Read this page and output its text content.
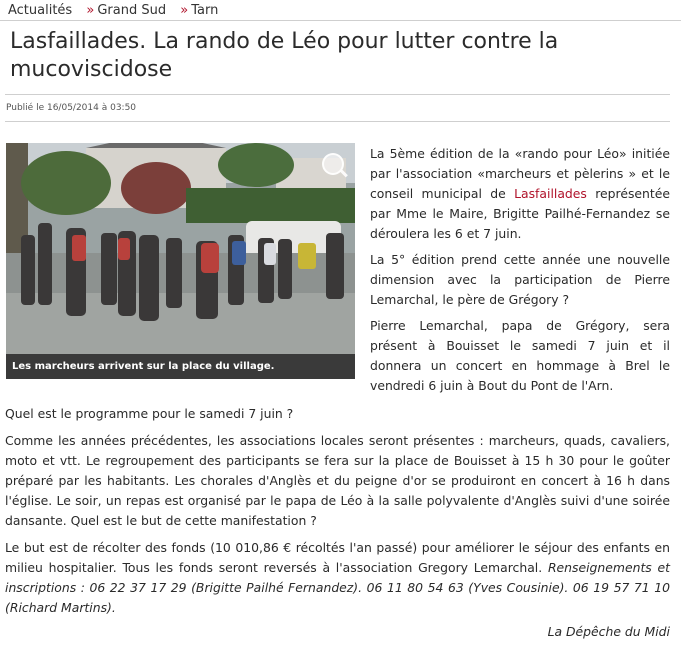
Actualités » Grand Sud » Tarn
Lasfaillades. La rando de Léo pour lutter contre la mucoviscidose
Publié le 16/05/2014 à 03:50
Les marcheurs arrivent sur la place du village.

La 5ème édition de la «rando pour Léo» initiée par l'association «marcheurs et pèlerins » et le conseil municipal de Lasfaillades représentée par Mme le Maire, Brigitte Pailhé-Fernandez se déroulera les 6 et 7 juin.

La 5° édition prend cette année une nouvelle dimension avec la participation de Pierre Lemarchal, le père de Grégory ?

Pierre Lemarchal, papa de Grégory, sera présent à Bouisset le samedi 7 juin et il donnera un concert en hommage à Brel le vendredi 6 juin à Bout du Pont de l'Arn.

Quel est le programme pour le samedi 7 juin ?

Comme les années précédentes, les associations locales seront présentes : marcheurs, quads, cavaliers, moto et vtt. Le regroupement des participants se fera sur la place de Bouisset à 15 h 30 pour le goûter préparé par les habitants. Les chorales d'Anglès et du peigne d'or se produiront en concert à 16 h dans l'église. Le soir, un repas est organisé par le papa de Léo à la salle polyvalente d'Anglès suivi d'une soirée dansante. Quel est le but de cette manifestation ?

Le but est de récolter des fonds (10 010,86 € récoltés l'an passé) pour améliorer le séjour des enfants en milieu hospitalier. Tous les fonds seront reversés à l'association Gregory Lemarchal. Renseignements et inscriptions : 06 22 37 17 29 (Brigitte Pailhé Fernandez). 06 11 80 54 63 (Yves Cousinie). 06 19 57 71 10 (Richard Martins).

La Dépêche du Midi
